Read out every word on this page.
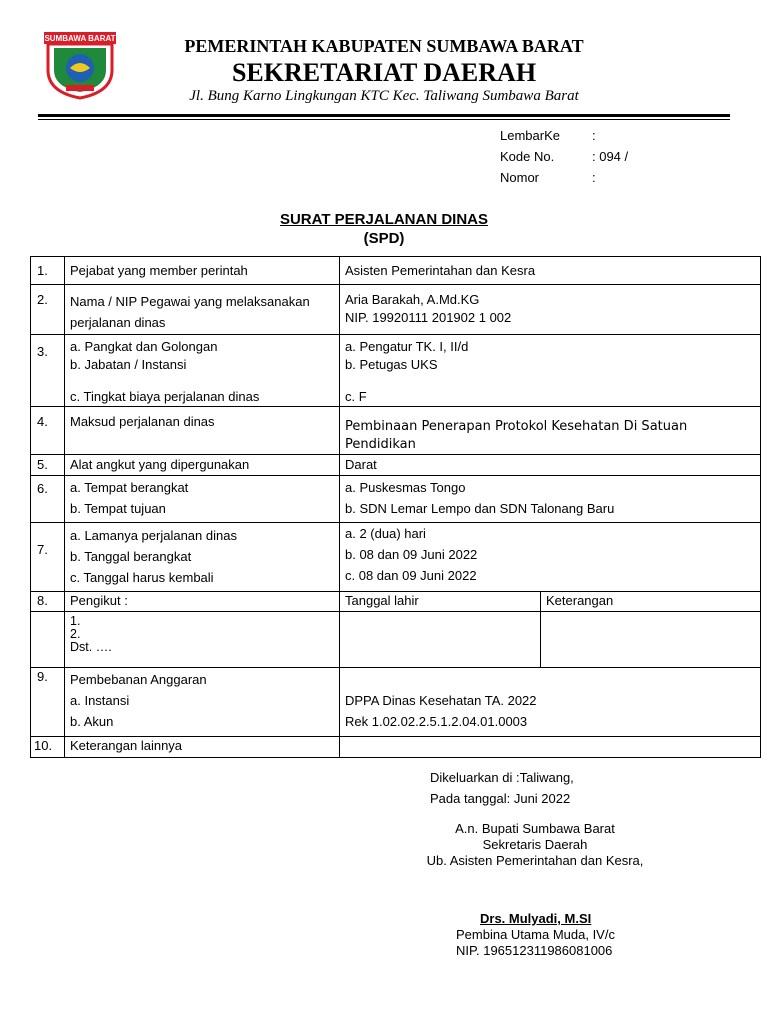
SUMBAWA BARAT	PEMERINTAH KABUPATEN SUMBAWA BARAT
SEKRETARIAT DAERAH
Jl. Bung Karno Lingkungan KTC Kec. Taliwang Sumbawa Barat
LembarKe :
Kode No.	: 094 /
Nomor	:
SURAT PERJALANAN DINAS
(SPD)
1.	Pejabat yang member perintah	Asisten Pemerintahan dan Kesra	
2.	Nama / NIP Pegawai yang melaksanakan
perjalanan dinas	Aria Barakah, A.Md.KG
NIP. 19920111 201902 1 002	

3.	a. Pangkat dan Golongan
b. Jabatan / Instansi
c. Tingkat biaya perjalanan dinas	a. Pengatur TK. I, II/d
b. Petugas UKS
c. F	

4.	Maksud perjalanan dinas	Pembinaan Penerapan Protokol Kesehatan Di Satuan Pendidikan	
5.	Alat angkut yang dipergunakan	Darat	
6.	a. Tempat berangkat
b. Tempat tujuan	a. Puskesmas Tongo
b. SDN Lemar Lempo dan SDN Talonang Baru	

7.	a. Lamanya perjalanan dinas
b. Tanggal berangkat
c. Tanggal harus kembali	a. 2 (dua) hari
b. 08 dan 09 Juni 2022
c. 08 dan 09 Juni 2022	

8.	Pengikut :	Tanggal lahir	Keterangan

	1.
2.
Dst. ….		

9.	Pembebanan Anggaran
a. Instansi
b. Akun	DPPA Dinas Kesehatan TA. 2022
Rek 1.02.02.2.5.1.2.04.01.0003	

10.	Keterangan lainnya		
Dikeluarkan di :Taliwang,
Pada tanggal: Juni 2022
A.n. Bupati Sumbawa Barat
Sekretaris Daerah
Ub. Asisten Pemerintahan dan Kesra,
Drs. Mulyadi, M.SI
Pembina Utama Muda, IV/c
NIP. 196512311986081006
